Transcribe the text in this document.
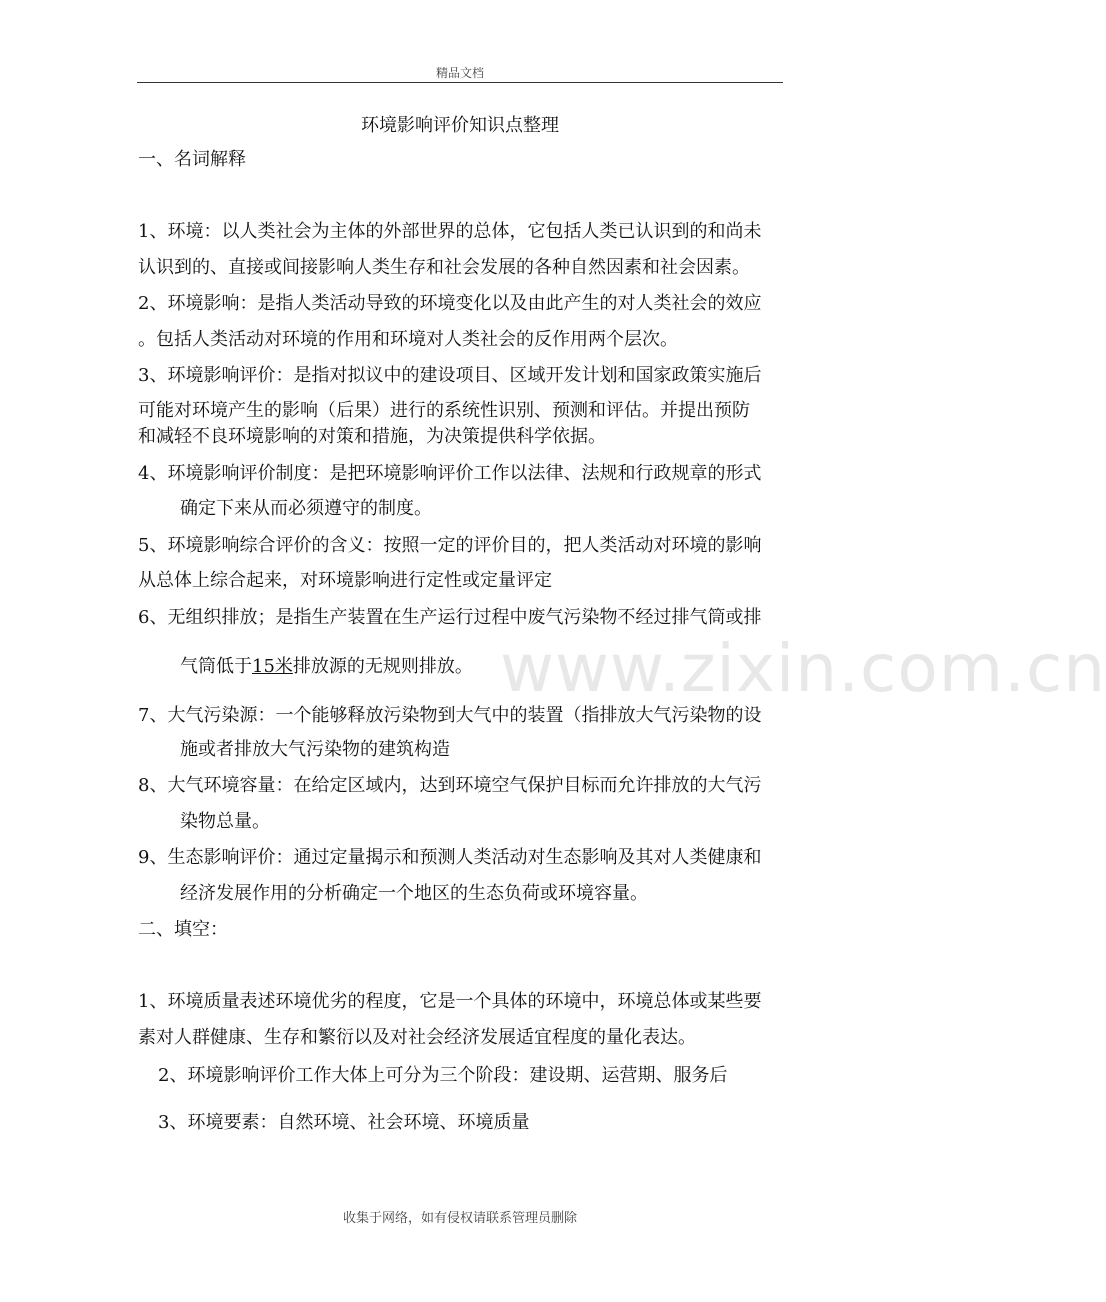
精品文档
www.zixin.com.cn
环境影响评价知识点整理
一、名词解释
1、环境：以人类社会为主体的外部世界的总体，它包括人类已认识到的和尚未
认识到的、直接或间接影响人类生存和社会发展的各种自然因素和社会因素。
2、环境影响：是指人类活动导致的环境变化以及由此产生的对人类社会的效应
。包括人类活动对环境的作用和环境对人类社会的反作用两个层次。
3、环境影响评价：是指对拟议中的建设项目、区域开发计划和国家政策实施后
可能对环境产生的影响（后果）进行的系统性识别、预测和评估。并提出预防
和减轻不良环境影响的对策和措施，为决策提供科学依据。
4、环境影响评价制度：是把环境影响评价工作以法律、法规和行政规章的形式
确定下来从而必须遵守的制度。
5、环境影响综合评价的含义：按照一定的评价目的，把人类活动对环境的影响
从总体上综合起来，对环境影响进行定性或定量评定
6、无组织排放；是指生产装置在生产运行过程中废气污染物不经过排气筒或排
气筒低于15米排放源的无规则排放。
7、大气污染源：一个能够释放污染物到大气中的装置（指排放大气污染物的设
施或者排放大气污染物的建筑构造
8、大气环境容量：在给定区域内，达到环境空气保护目标而允许排放的大气污
染物总量。
9、生态影响评价：通过定量揭示和预测人类活动对生态影响及其对人类健康和
经济发展作用的分析确定一个地区的生态负荷或环境容量。
二、填空：
1、环境质量表述环境优劣的程度，它是一个具体的环境中，环境总体或某些要
素对人群健康、生存和繁衍以及对社会经济发展适宜程度的量化表达。
2、环境影响评价工作大体上可分为三个阶段：建设期、运营期、服务后
3、环境要素：自然环境、社会环境、环境质量
收集于网络，如有侵权请联系管理员删除
